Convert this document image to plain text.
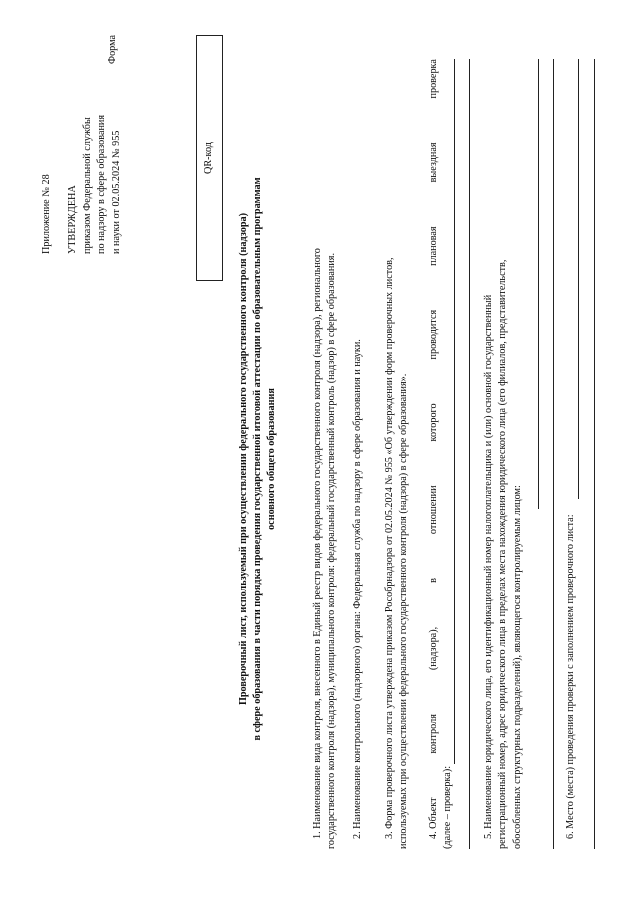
Приложение № 28 УТВЕРЖДЕНА приказом Федеральной службы по надзору в сфере образования и науки от 02.05.2024 № 955
Форма
QR-код
Проверочный лист, используемый при осуществлении федерального государственного контроля (надзора) в сфере образования в части порядка проведения государственной итоговой аттестации по образовательным программам основного общего образования	1. Наименование вида контроля, внесенного в Единый реестр видов федерального государственного контроля (надзора), регионального государственного контроля (надзора), муниципального контроля: федеральный государственный контроль (надзор) в сфере образования. 2. Наименование контрольного (надзорного) органа: Федеральная служба по надзору в сфере образования и науки. 3. Форма проверочного листа утверждена приказом Рособрнадзора от 02.05.2024 № 955 «Об утверждении форм проверочных листов, используемых при осуществлении федерального государственного контроля (надзора) в сфере образования». 4. Объект
контроля
(надзора),
в
отношении
которого
проводится
плановая
выездная
проверка
(далее – проверка):	5. Наименование юридического лица, его идентификационный номер налогоплательщика и (или) основной государственный регистрационный номер, адрес юридического лица в пределах места нахождения юридического лица (его филиалов, представительств, обособленных структурных подразделений), являющегося контролируемым лицом:	6. Место (места) проведения проверки с заполнением проверочного листа:
